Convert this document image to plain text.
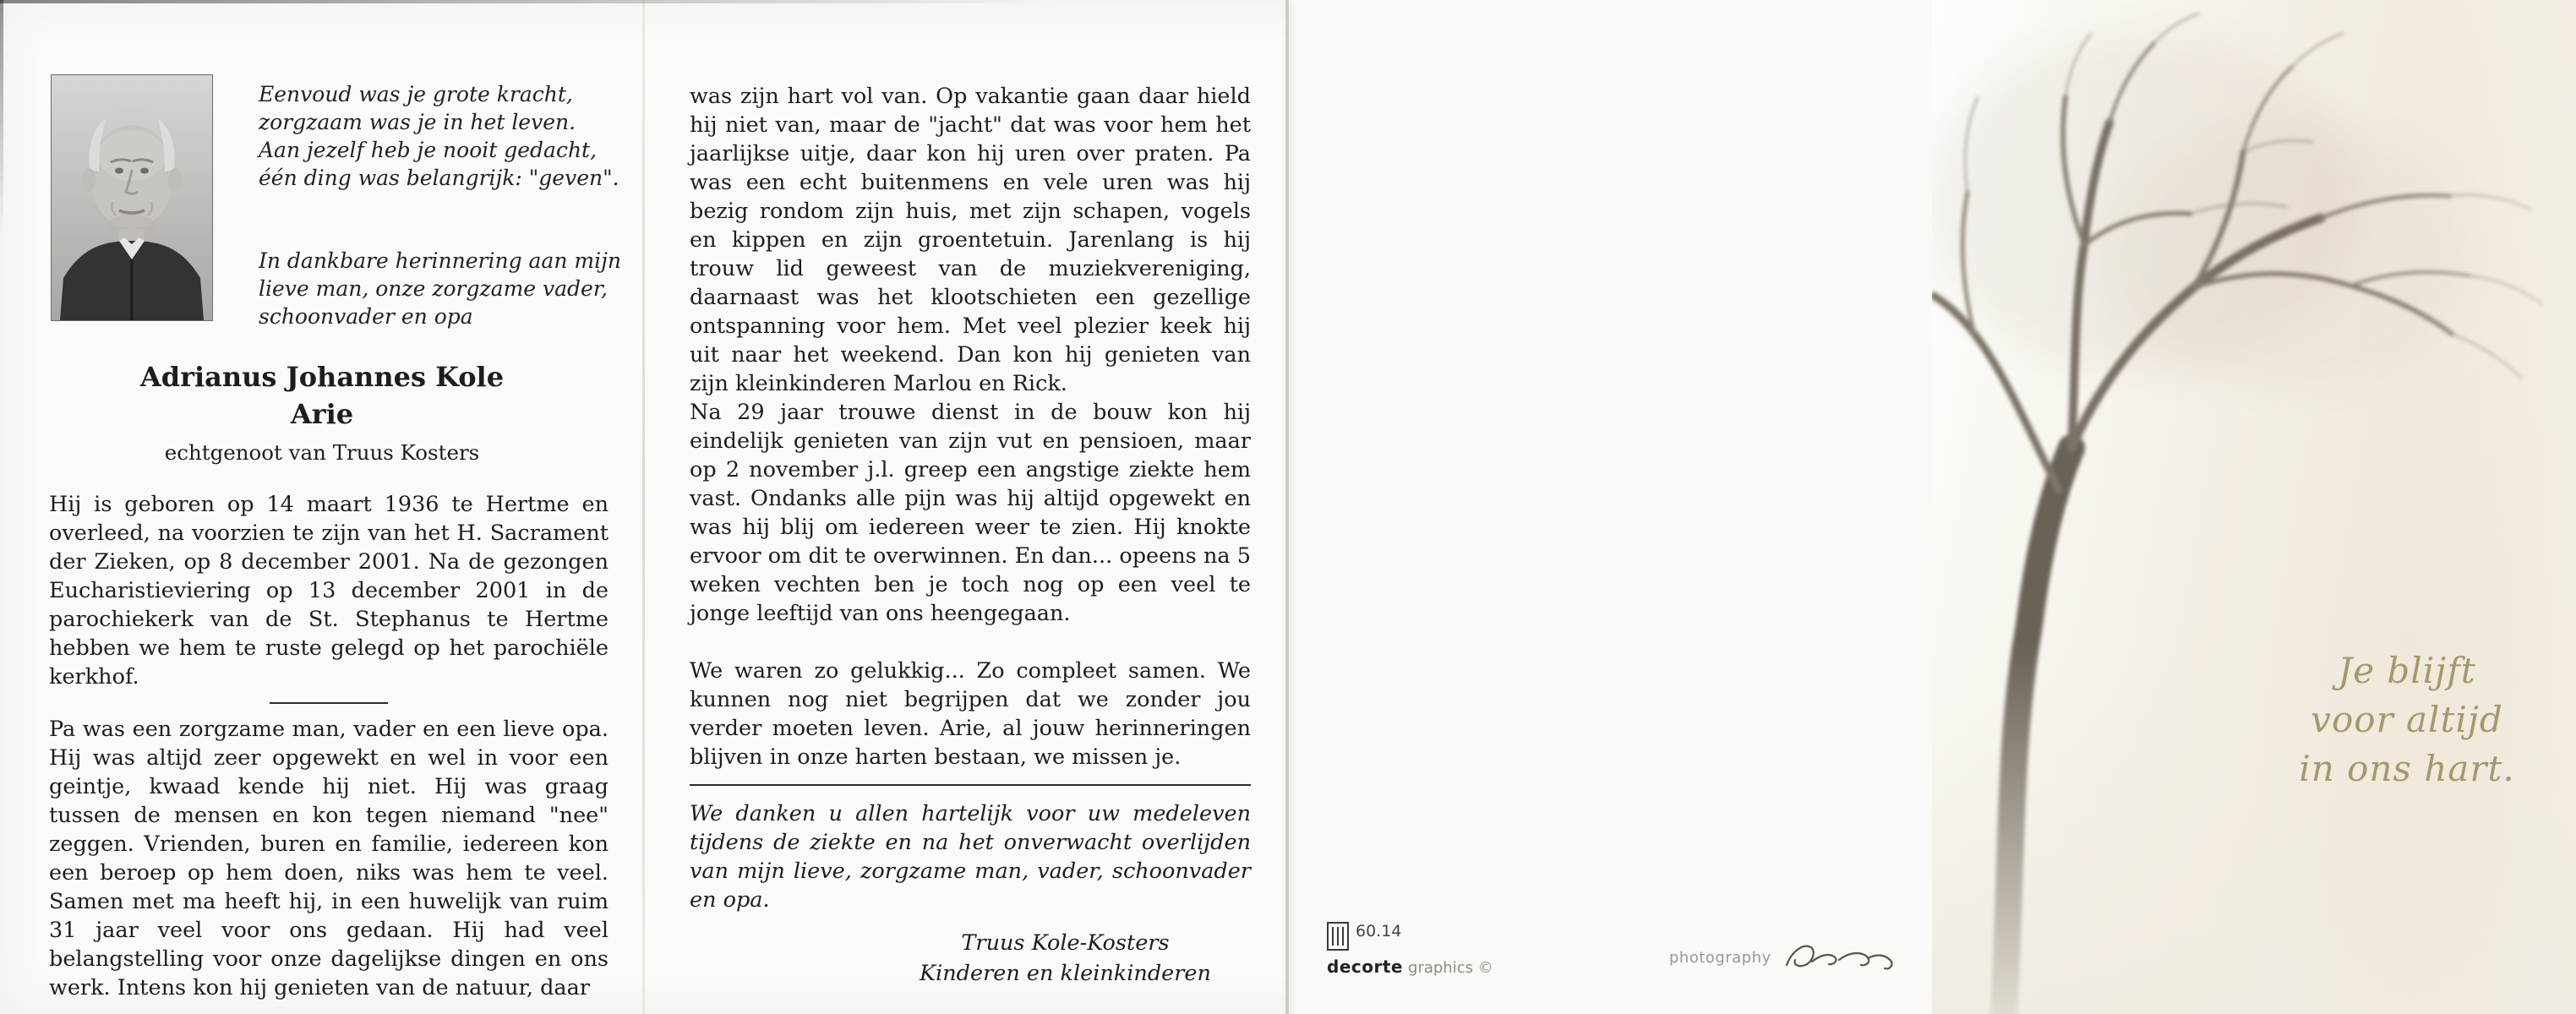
Eenvoud was je grote kracht,
zorgzaam was je in het leven.
Aan jezelf heb je nooit gedacht,
één ding was belangrijk: "geven".
In dankbare herinnering aan mijn
lieve man, onze zorgzame vader,
schoonvader en opa
Adrianus Johannes Kole
Arie
echtgenoot van Truus Kosters

Hij is geboren op 14 maart 1936 te Hertme en overleed, na voorzien te zijn van het H. Sacrament der Zieken, op 8 december 2001. Na de gezongen Eucharistieviering op 13 december 2001 in de parochiekerk van de St. Stephanus te Hertme hebben we hem te ruste gelegd op het parochiële kerkhof.

Pa was een zorgzame man, vader en een lieve opa. Hij was altijd zeer opgewekt en wel in voor een geintje, kwaad kende hij niet. Hij was graag tussen de mensen en kon tegen niemand "nee" zeggen. Vrienden, buren en familie, iedereen kon een beroep op hem doen, niks was hem te veel. Samen met ma heeft hij, in een huwelijk van ruim 31 jaar veel voor ons gedaan. Hij had veel belangstelling voor onze dagelijkse dingen en ons werk. Intens kon hij genieten van de natuur, daar

was zijn hart vol van. Op vakantie gaan daar hield hij niet van, maar de "jacht" dat was voor hem het jaarlijkse uitje, daar kon hij uren over praten. Pa was een echt buitenmens en vele uren was hij bezig rondom zijn huis, met zijn schapen, vogels en kippen en zijn groentetuin. Jarenlang is hij trouw lid geweest van de muziekvereniging, daarnaast was het klootschieten een gezellige ontspanning voor hem. Met veel plezier keek hij uit naar het weekend. Dan kon hij genieten van zijn kleinkinderen Marlou en Rick.

Na 29 jaar trouwe dienst in de bouw kon hij eindelijk genieten van zijn vut en pensioen, maar op 2 november j.l. greep een angstige ziekte hem vast. Ondanks alle pijn was hij altijd opgewekt en was hij blij om iedereen weer te zien. Hij knokte ervoor om dit te overwinnen. En dan... opeens na 5 weken vechten ben je toch nog op een veel te jonge leeftijd van ons heengegaan.

We waren zo gelukkig... Zo compleet samen. We kunnen nog niet begrijpen dat we zonder jou verder moeten leven. Arie, al jouw herinneringen blijven in onze harten bestaan, we missen je.

We danken u allen hartelijk voor uw medeleven tijdens de ziekte en na het onverwacht overlijden van mijn lieve, zorgzame man, vader, schoonvader en opa.

Truus Kole-Kosters
Kinderen en kleinkinderen
60.14
decorte graphics ©
photography
Je blijft
voor altijd
in ons hart.
